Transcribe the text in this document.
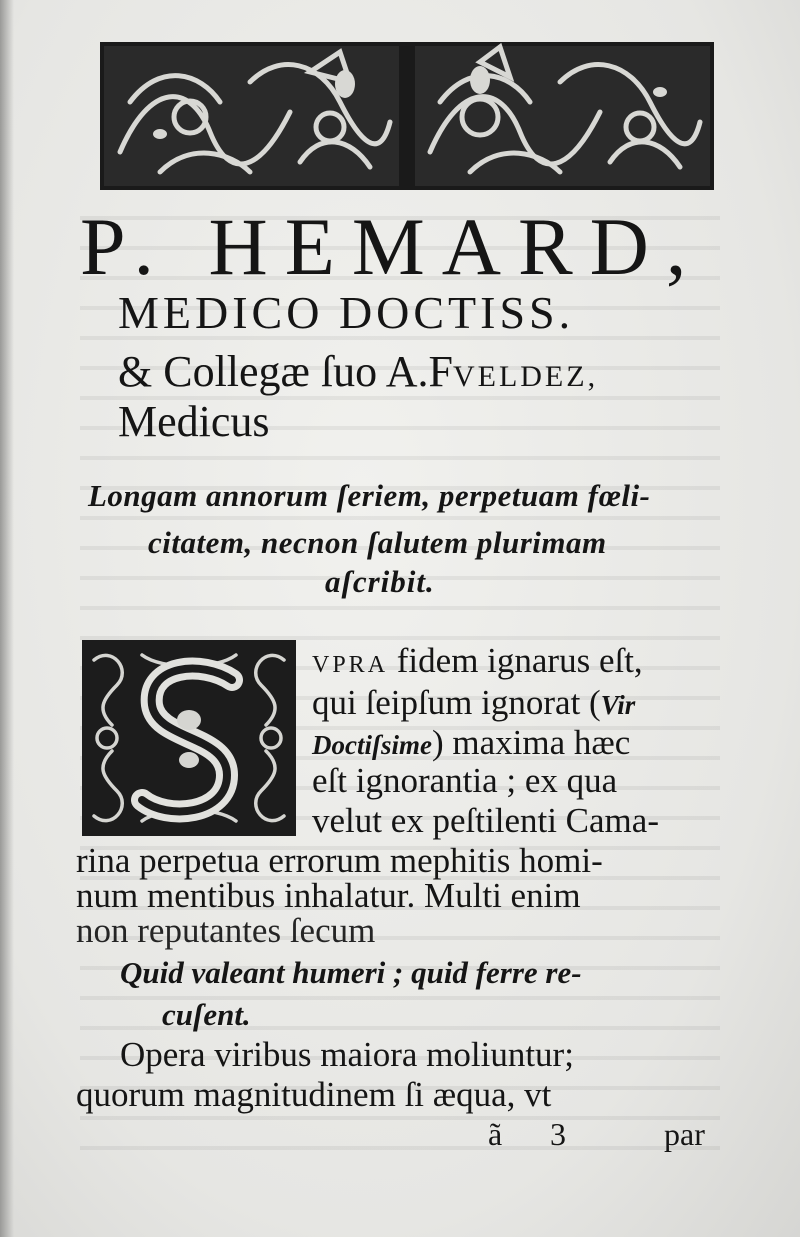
P. HEMARD,
MEDICO DOCTISS.
& Collegæ ſuo A.FVELDEZ,
Medicus
Longam annorum ſeriem, perpetuam fœli-
citatem, necnon ſalutem plurimam
aſcribit.
VPRA fidem ignarus eſt,
qui ſeipſum ignorat (Vir
Doctiſsime) maxima hæc
eſt ignorantia ; ex qua
velut ex peſtilenti Cama-
rina perpetua errorum mephitis homi-
num mentibus inhalatur. Multi enim
non reputantes ſecum
Quid valeant humeri ; quid ferre re-
cuſent.
Opera viribus maiora moliuntur;
quorum magnitudinem ſi æqua, vt
ã 3	par
